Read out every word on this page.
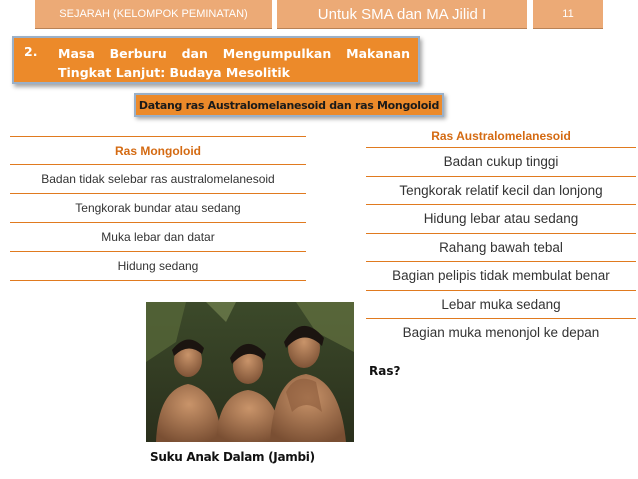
SEJARAH (KELOMPOK PEMINATAN)	Untuk SMA dan MA Jilid I	11
2. Masa Berburu dan Mengumpulkan Makanan Tingkat Lanjut: Budaya Mesolitik
Datang ras Australomelanesoid dan ras Mongoloid
Ras Mongoloid
Badan tidak selebar ras australomelanesoid
Tengkorak bundar atau sedang
Muka lebar dan datar
Hidung sedang
Ras Australomelanesoid
Badan cukup tinggi
Tengkorak relatif kecil dan lonjong
Hidung lebar atau sedang
Rahang bawah tebal
Bagian pelipis tidak membulat benar
Lebar muka sedang
Bagian muka menonjol ke depan
Ras?
Suku Anak Dalam (Jambi)
